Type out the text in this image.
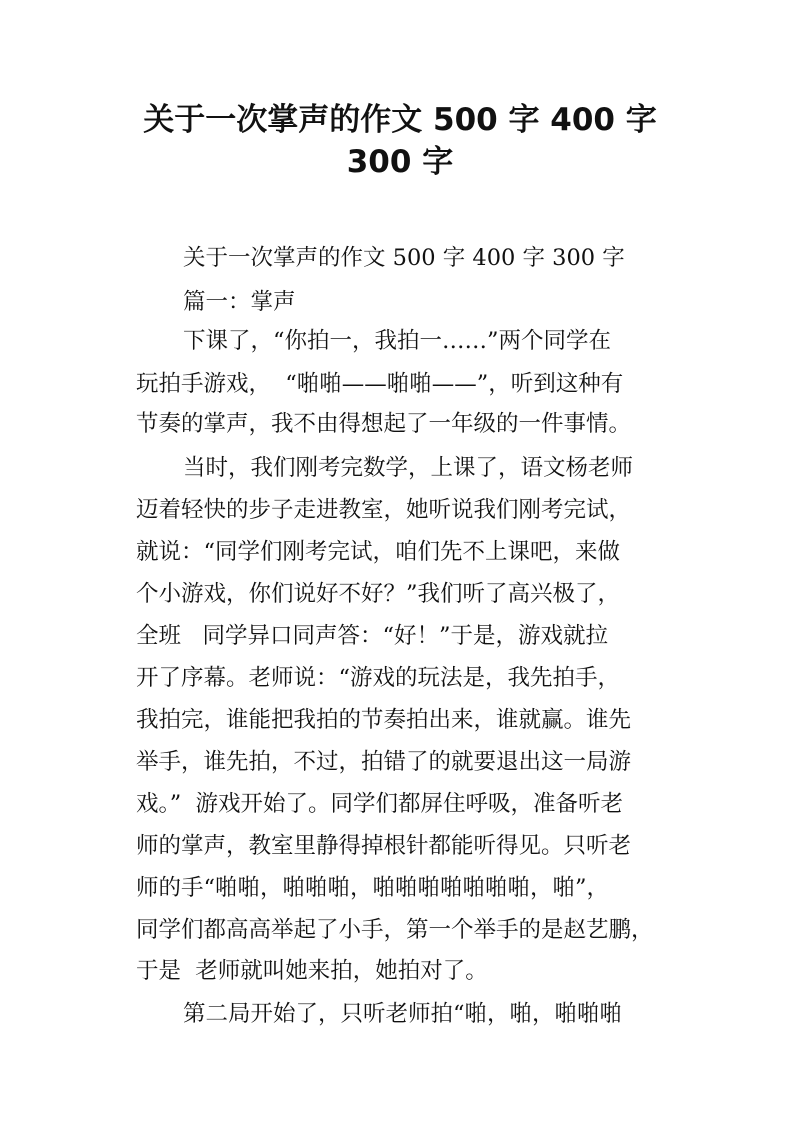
关于一次掌声的作文 500 字 400 字
300 字

关于一次掌声的作文 500 字 400 字 300 字

篇一：掌声

下课了，“你拍一，我拍一……”两个同学在

玩拍手游戏，  “啪啪——啪啪——”，听到这种有

节奏的掌声，我不由得想起了一年级的一件事情。

当时，我们刚考完数学，上课了，语文杨老师

迈着轻快的步子走进教室，她听说我们刚考完试，

就说：“同学们刚考完试，咱们先不上课吧，来做

个小游戏，你们说好不好？”我们听了高兴极了，

全班   同学异口同声答：“好！”于是，游戏就拉

开了序幕。老师说：“游戏的玩法是，我先拍手，

我拍完，谁能把我拍的节奏拍出来，谁就赢。谁先

举手，谁先拍，不过，拍错了的就要退出这一局游

戏。”  游戏开始了。同学们都屏住呼吸，准备听老

师的掌声，教室里静得掉根针都能听得见。只听老

师的手“啪啪，啪啪啪，啪啪啪啪啪啪啪，啪”，

同学们都高高举起了小手，第一个举手的是赵艺鹏，

于是  老师就叫她来拍，她拍对了。

第二局开始了，只听老师拍“啪，啪，啪啪啪
